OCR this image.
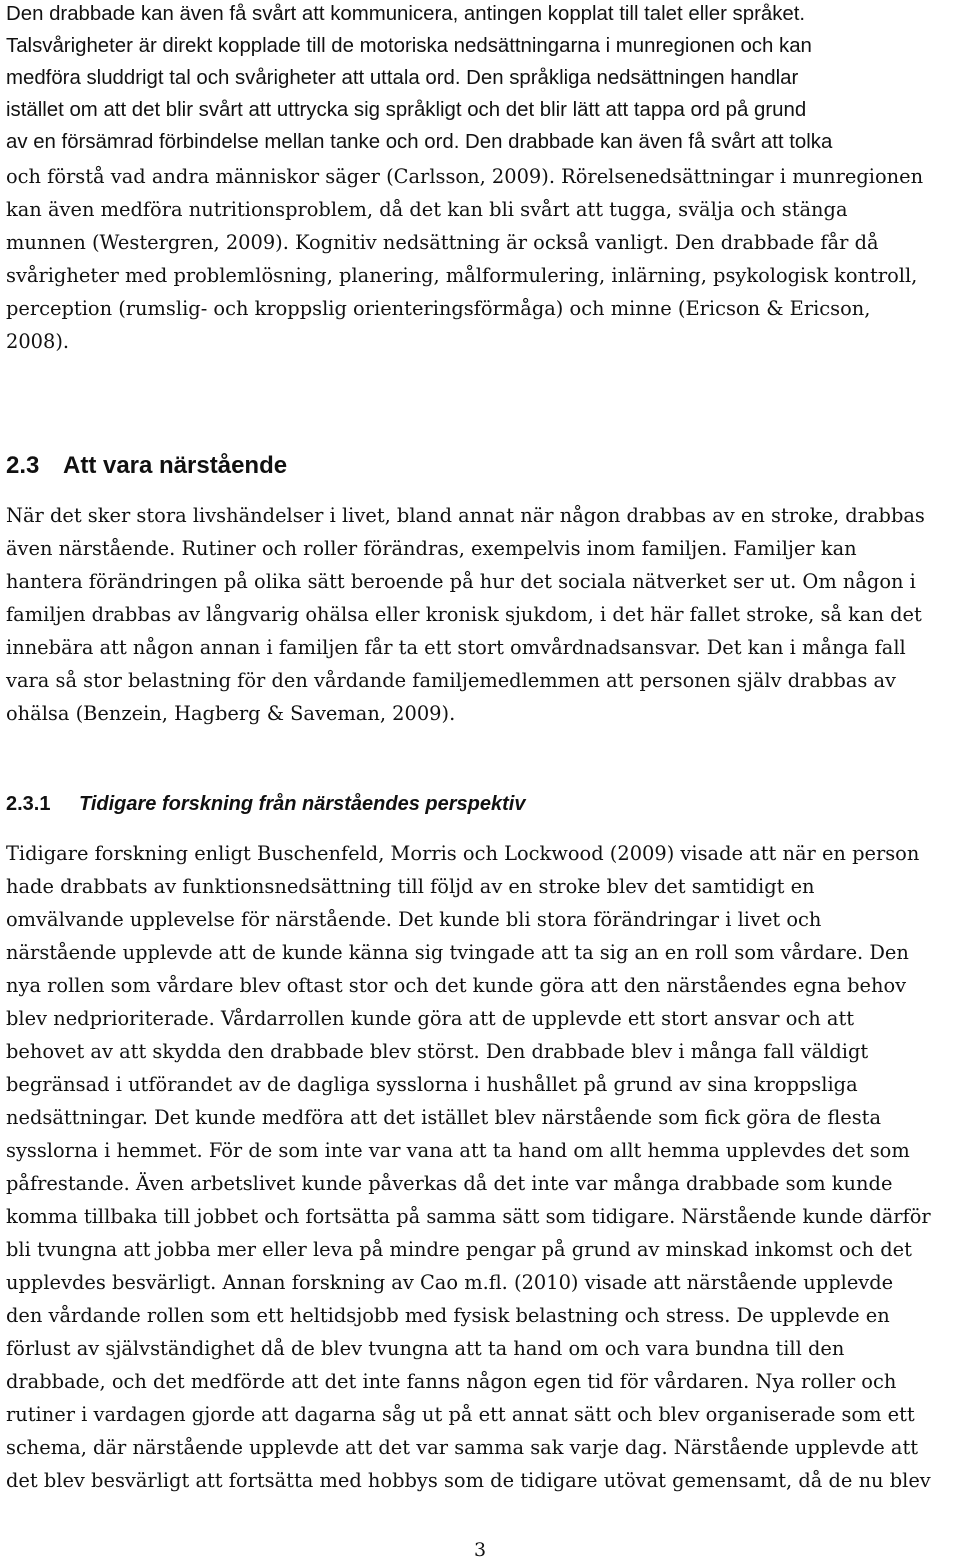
Den drabbade kan även få svårt att kommunicera, antingen kopplat till talet eller språket.
Talsvårigheter är direkt kopplade till de motoriska nedsättningarna i munregionen och kan
medföra sluddrigt tal och svårigheter att uttala ord. Den språkliga nedsättningen handlar
istället om att det blir svårt att uttrycka sig språkligt och det blir lätt att tappa ord på grund
av en försämrad förbindelse mellan tanke och ord. Den drabbade kan även få svårt att tolka
och förstå vad andra människor säger (Carlsson, 2009). Rörelsenedsättningar i munregionen
kan även medföra nutritionsproblem, då det kan bli svårt att tugga, svälja och stänga
munnen (Westergren, 2009). Kognitiv nedsättning är också vanligt. Den drabbade får då
svårigheter med problemlösning, planering, målformulering, inlärning, psykologisk kontroll,
perception (rumslig- och kroppslig orienteringsförmåga) och minne (Ericson & Ericson,
2008).
2.3 Att vara närstående
När det sker stora livshändelser i livet, bland annat när någon drabbas av en stroke, drabbas
även närstående. Rutiner och roller förändras, exempelvis inom familjen. Familjer kan
hantera förändringen på olika sätt beroende på hur det sociala nätverket ser ut. Om någon i
familjen drabbas av långvarig ohälsa eller kronisk sjukdom, i det här fallet stroke, så kan det
innebära att någon annan i familjen får ta ett stort omvårdnadsansvar. Det kan i många fall
vara så stor belastning för den vårdande familjemedlemmen att personen själv drabbas av
ohälsa (Benzein, Hagberg & Saveman, 2009).
2.3.1 Tidigare forskning från närståendes perspektiv
Tidigare forskning enligt Buschenfeld, Morris och Lockwood (2009) visade att när en person
hade drabbats av funktionsnedsättning till följd av en stroke blev det samtidigt en
omvälvande upplevelse för närstående. Det kunde bli stora förändringar i livet och
närstående upplevde att de kunde känna sig tvingade att ta sig an en roll som vårdare. Den
nya rollen som vårdare blev oftast stor och det kunde göra att den närståendes egna behov
blev nedprioriterade. Vårdarrollen kunde göra att de upplevde ett stort ansvar och att
behovet av att skydda den drabbade blev störst. Den drabbade blev i många fall väldigt
begränsad i utförandet av de dagliga sysslorna i hushållet på grund av sina kroppsliga
nedsättningar. Det kunde medföra att det istället blev närstående som fick göra de flesta
sysslorna i hemmet. För de som inte var vana att ta hand om allt hemma upplevdes det som
påfrestande. Även arbetslivet kunde påverkas då det inte var många drabbade som kunde
komma tillbaka till jobbet och fortsätta på samma sätt som tidigare. Närstående kunde därför
bli tvungna att jobba mer eller leva på mindre pengar på grund av minskad inkomst och det
upplevdes besvärligt. Annan forskning av Cao m.fl. (2010) visade att närstående upplevde
den vårdande rollen som ett heltidsjobb med fysisk belastning och stress. De upplevde en
förlust av självständighet då de blev tvungna att ta hand om och vara bundna till den
drabbade, och det medförde att det inte fanns någon egen tid för vårdaren. Nya roller och
rutiner i vardagen gjorde att dagarna såg ut på ett annat sätt och blev organiserade som ett
schema, där närstående upplevde att det var samma sak varje dag. Närstående upplevde att
det blev besvärligt att fortsätta med hobbys som de tidigare utövat gemensamt, då de nu blev
3
